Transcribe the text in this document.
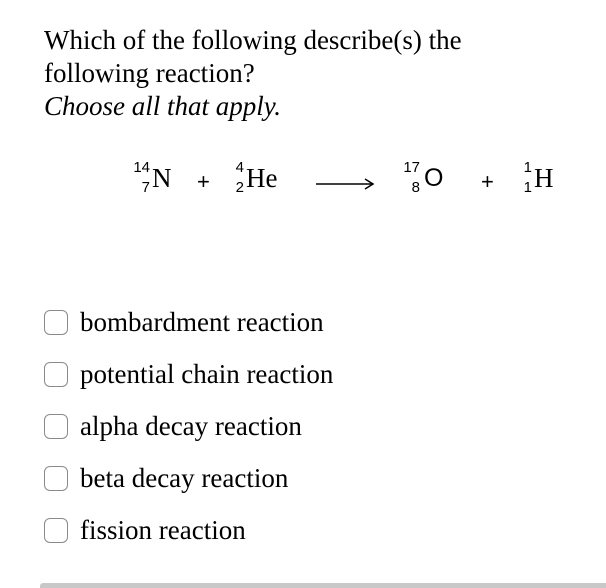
Which of the following describe(s) the
following reaction?
Choose all that apply.
14
7 N +
4
2 He	17
8 O +
1
1 H
bombardment reaction
potential chain reaction
alpha decay reaction
beta decay reaction
fission reaction
